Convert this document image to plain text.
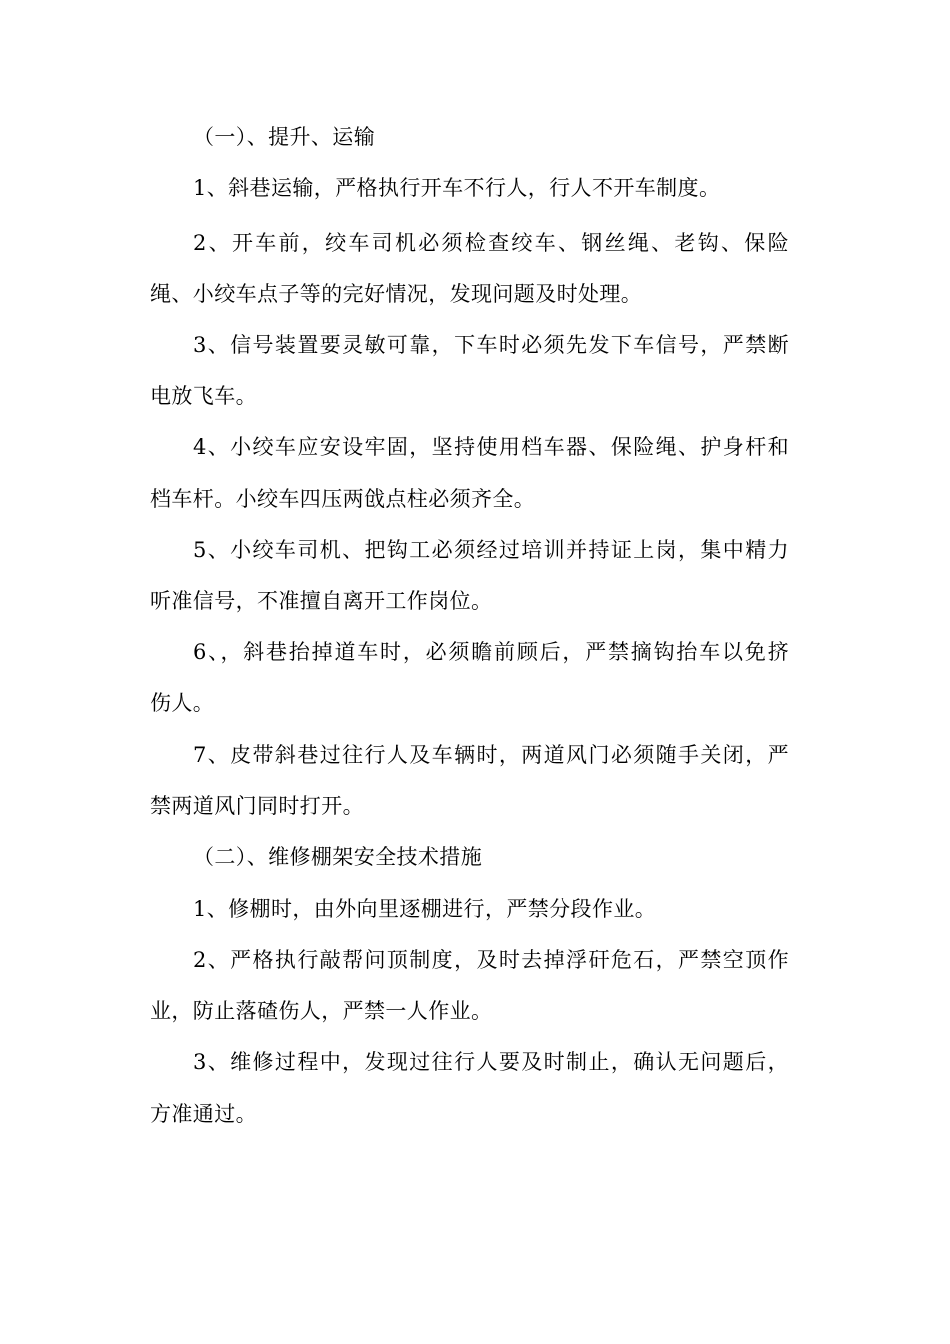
（一）、提升、运输

1、斜巷运输，严格执行开车不行人，行人不开车制度。

2、开车前，绞车司机必须检查绞车、钢丝绳、老钩、保险

绳、小绞车点子等的完好情况，发现问题及时处理。

3、信号装置要灵敏可靠，下车时必须先发下车信号，严禁断

电放飞车。

4、小绞车应安设牢固，坚持使用档车器、保险绳、护身杆和

档车杆。小绞车四压两戗点柱必须齐全。

5、小绞车司机、把钩工必须经过培训并持证上岗，集中精力

听准信号，不准擅自离开工作岗位。

6、，斜巷抬掉道车时，必须瞻前顾后，严禁摘钩抬车以免挤

伤人。

7、皮带斜巷过往行人及车辆时，两道风门必须随手关闭，严

禁两道风门同时打开。

（二）、维修棚架安全技术措施

1、修棚时，由外向里逐棚进行，严禁分段作业。

2、严格执行敲帮问顶制度，及时去掉浮矸危石，严禁空顶作

业，防止落碴伤人，严禁一人作业。

3、维修过程中，发现过往行人要及时制止，确认无问题后，

方准通过。
